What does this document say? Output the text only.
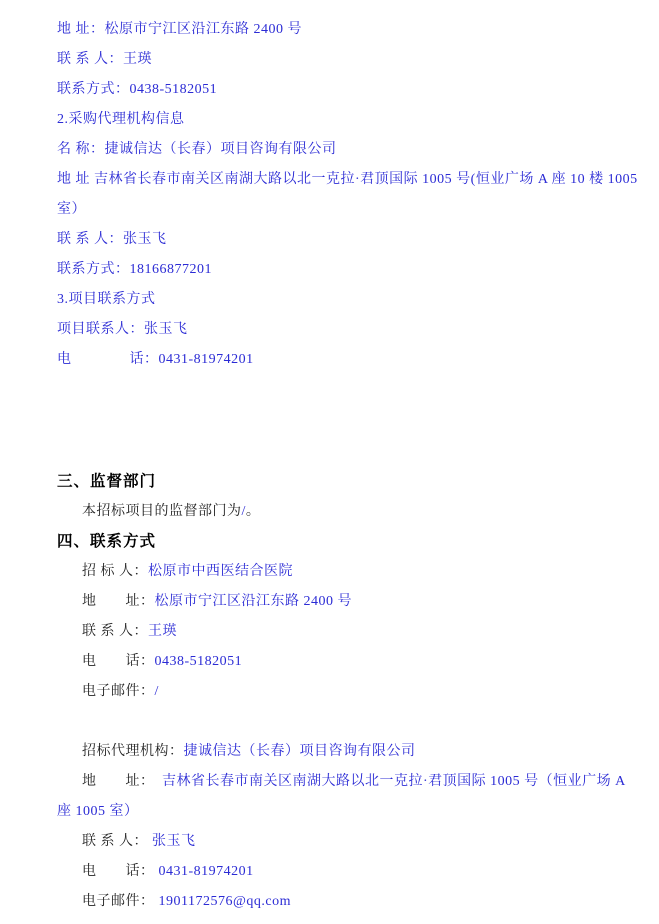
地 址：松原市宁江区沿江东路 2400 号
联 系 人：王瑛
联系方式：0438-5182051
2.采购代理机构信息
名 称：捷诚信达（长春）项目咨询有限公司
地 址 吉林省长春市南关区南湖大路以北一克拉·君顶国际 1005 号(恒业广场 A 座 10 楼 1005
室）
联 系 人：张玉飞
联系方式：18166877201
3.项目联系方式
项目联系人：张玉飞
电　　　　话：0431-81974201
三、监督部门
本招标项目的监督部门为/。
四、联系方式
招 标 人：松原市中西医结合医院
地　　址：松原市宁江区沿江东路 2400 号
联 系 人：王瑛
电　　话：0438-5182051
电子邮件：/
招标代理机构：捷诚信达（长春）项目咨询有限公司
地　　址：　吉林省长春市南关区南湖大路以北一克拉·君顶国际 1005 号（恒业广场 A
座 1005 室）
联 系 人： 张玉飞
电　　话： 0431-81974201
电子邮件： 1901172576@qq.com
